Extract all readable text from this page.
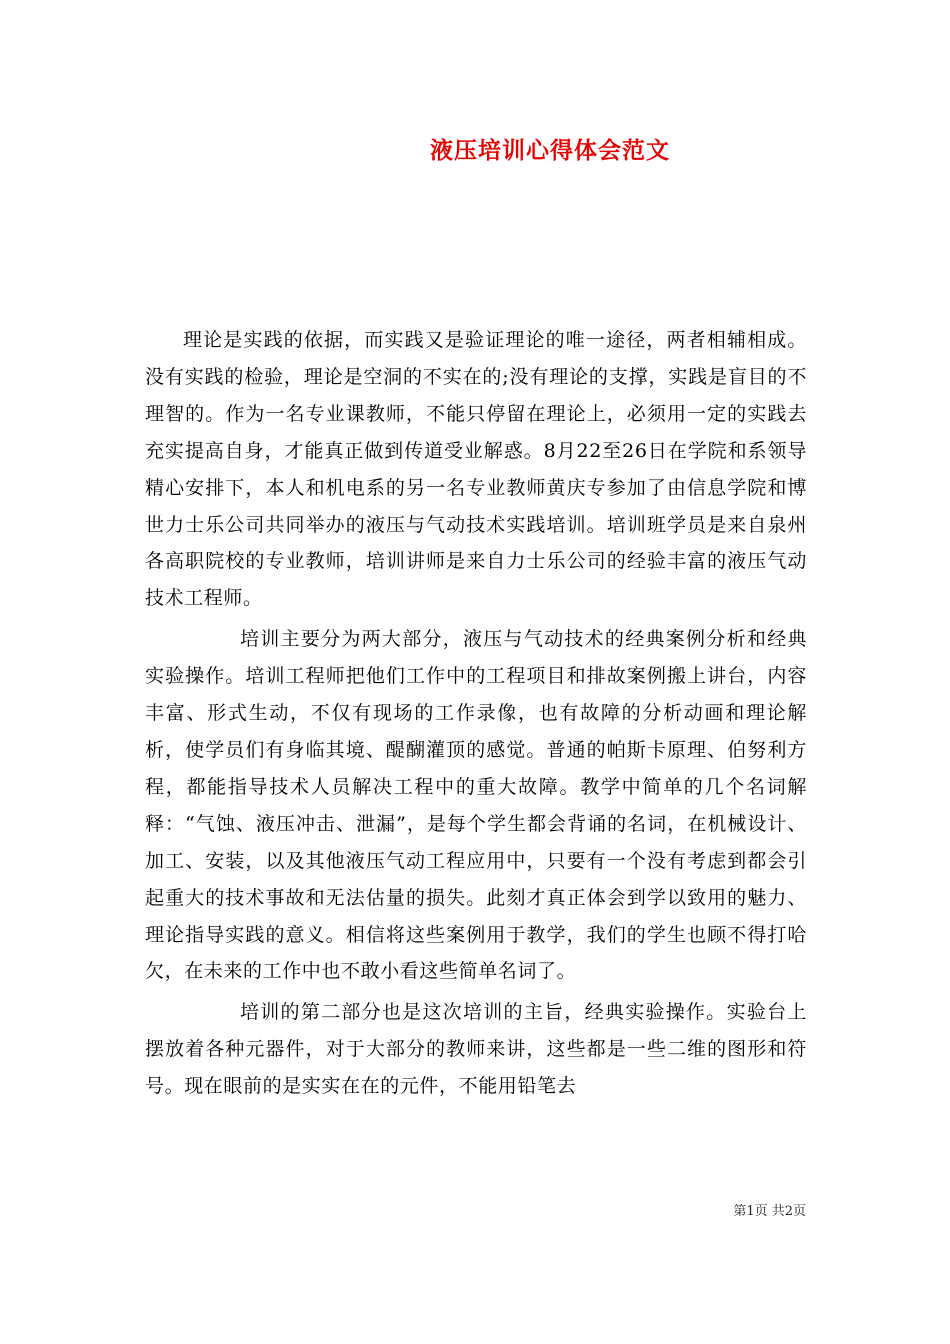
液压培训心得体会范文

理论是实践的依据，而实践又是验证理论的唯一途径，两者相辅相成。没有实践的检验，理论是空洞的不实在的;没有理论的支撑，实践是盲目的不理智的。作为一名专业课教师，不能只停留在理论上，必须用一定的实践去充实提高自身，才能真正做到传道受业解惑。8月22至26日在学院和系领导精心安排下，本人和机电系的另一名专业教师黄庆专参加了由信息学院和博世力士乐公司共同举办的液压与气动技术实践培训。培训班学员是来自泉州各高职院校的专业教师，培训讲师是来自力士乐公司的经验丰富的液压气动技术工程师。

培训主要分为两大部分，液压与气动技术的经典案例分析和经典实验操作。培训工程师把他们工作中的工程项目和排故案例搬上讲台，内容丰富、形式生动，不仅有现场的工作录像，也有故障的分析动画和理论解析，使学员们有身临其境、醍醐灌顶的感觉。普通的帕斯卡原理、伯努利方程，都能指导技术人员解决工程中的重大故障。教学中简单的几个名词解释：“气蚀、液压冲击、泄漏”，是每个学生都会背诵的名词，在机械设计、加工、安装，以及其他液压气动工程应用中，只要有一个没有考虑到都会引起重大的技术事故和无法估量的损失。此刻才真正体会到学以致用的魅力、理论指导实践的意义。相信将这些案例用于教学，我们的学生也顾不得打哈欠，在未来的工作中也不敢小看这些简单名词了。

培训的第二部分也是这次培训的主旨，经典实验操作。实验台上摆放着各种元器件，对于大部分的教师来讲，这些都是一些二维的图形和符号。现在眼前的是实实在在的元件，不能用铅笔去

第1页 共2页
